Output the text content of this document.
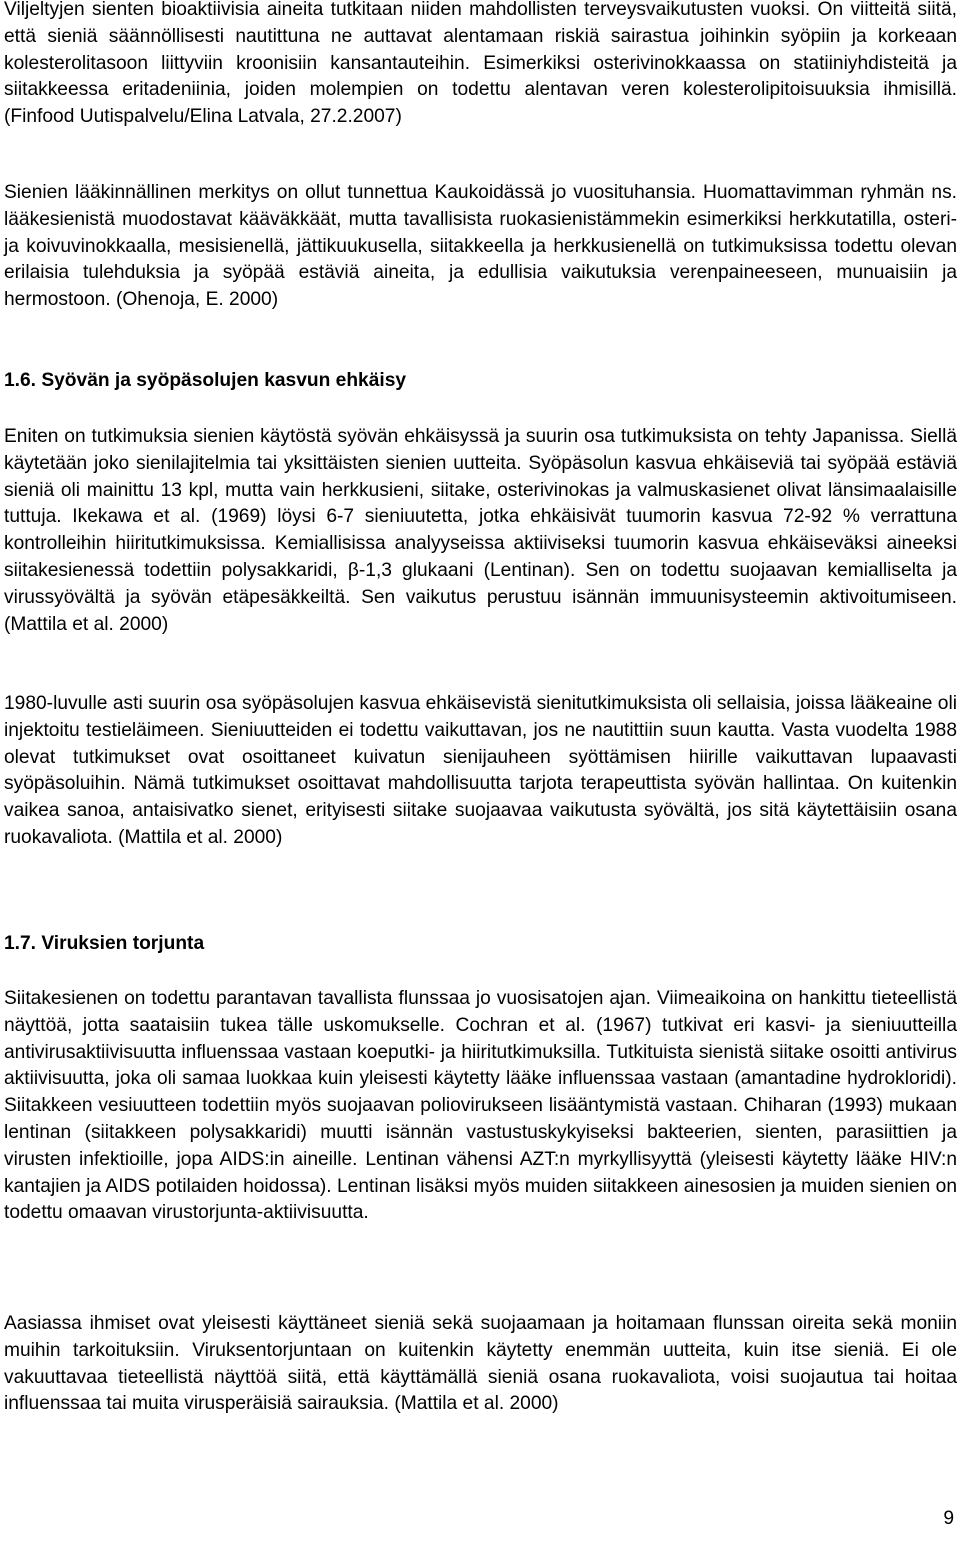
Viljeltyjen sienten bioaktiivisia aineita tutkitaan niiden mahdollisten terveysvaikutusten vuoksi. On viitteitä siitä, että sieniä säännöllisesti nautittuna ne auttavat alentamaan riskiä sairastua joihinkin syöpiin ja korkeaan kolesterolitasoon liittyviin kroonisiin kansantauteihin. Esimerkiksi osterivinokkaassa on statiiniyhdisteitä ja siitakkeessa eritadeniinia, joiden molempien on todettu alentavan veren kolesterolipitoisuuksia ihmisillä. (Finfood Uutispalvelu/Elina Latvala, 27.2.2007)

Sienien lääkinnällinen merkitys on ollut tunnettua Kaukoidässä jo vuosituhansia. Huomattavimman ryhmän ns. lääkesienistä muodostavat kääväkkäät, mutta tavallisista ruokasienistämmekin esimerkiksi herkkutatilla, osteri- ja koivuvinokkaalla, mesisienellä, jättikuukusella, siitakkeella ja herkkusienellä on tutkimuksissa todettu olevan erilaisia tulehduksia ja syöpää estäviä aineita, ja edullisia vaikutuksia verenpaineeseen, munuaisiin ja hermostoon. (Ohenoja, E. 2000)

1.6. Syövän ja syöpäsolujen kasvun ehkäisy

Eniten on tutkimuksia sienien käytöstä syövän ehkäisyssä ja suurin osa tutkimuksista on tehty Japanissa. Siellä käytetään joko sienilajitelmia tai yksittäisten sienien uutteita. Syöpäsolun kasvua ehkäiseviä tai syöpää estäviä sieniä oli mainittu 13 kpl, mutta vain herkkusieni, siitake, osterivinokas ja valmuskasienet olivat länsimaalaisille tuttuja. Ikekawa et al. (1969) löysi 6-7 sieniuutetta, jotka ehkäisivät tuumorin kasvua 72-92 % verrattuna kontrolleihin hiiritutkimuksissa. Kemiallisissa analyyseissa aktiiviseksi tuumorin kasvua ehkäiseväksi aineeksi siitakesienessä todettiin polysakkaridi, β-1,3 glukaani (Lentinan). Sen on todettu suojaavan kemialliselta ja virussyövältä ja syövän etäpesäkkeiltä. Sen vaikutus perustuu isännän immuunisysteemin aktivoitumiseen. (Mattila et al. 2000)

1980-luvulle asti suurin osa syöpäsolujen kasvua ehkäisevistä sienitutkimuksista oli sellaisia, joissa lääkeaine oli injektoitu testieläimeen. Sieniuutteiden ei todettu vaikuttavan, jos ne nautittiin suun kautta. Vasta vuodelta 1988 olevat tutkimukset ovat osoittaneet kuivatun sienijauheen syöttämisen hiirille vaikuttavan lupaavasti syöpäsoluihin. Nämä tutkimukset osoittavat mahdollisuutta tarjota terapeuttista syövän hallintaa. On kuitenkin vaikea sanoa, antaisivatko sienet, erityisesti siitake suojaavaa vaikutusta syövältä, jos sitä käytettäisiin osana ruokavaliota. (Mattila et al. 2000)

1.7. Viruksien torjunta

Siitakesienen on todettu parantavan tavallista flunssaa jo vuosisatojen ajan. Viimeaikoina on hankittu tieteellistä näyttöä, jotta saataisiin tukea tälle uskomukselle. Cochran et al. (1967) tutkivat eri kasvi- ja sieniuutteilla antivirusaktiivisuutta influenssaa vastaan koeputki- ja hiiritutkimuksilla. Tutkituista sienistä siitake osoitti antivirus aktiivisuutta, joka oli samaa luokkaa kuin yleisesti käytetty lääke influenssaa vastaan (amantadine hydrokloridi). Siitakkeen vesiuutteen todettiin myös suojaavan poliovirukseen lisääntymistä vastaan. Chiharan (1993) mukaan lentinan (siitakkeen polysakkaridi) muutti isännän vastustuskykyiseksi bakteerien, sienten, parasiittien ja virusten infektioille, jopa AIDS:in aineille. Lentinan vähensi AZT:n myrkyllisyyttä (yleisesti käytetty lääke HIV:n kantajien ja AIDS potilaiden hoidossa). Lentinan lisäksi myös muiden siitakkeen ainesosien ja muiden sienien on todettu omaavan virustorjunta-aktiivisuutta.

Aasiassa ihmiset ovat yleisesti käyttäneet sieniä sekä suojaamaan ja hoitamaan flunssan oireita sekä moniin muihin tarkoituksiin. Viruksentorjuntaan on kuitenkin käytetty enemmän uutteita, kuin itse sieniä. Ei ole vakuuttavaa tieteellistä näyttöä siitä, että käyttämällä sieniä osana ruokavaliota, voisi suojautua tai hoitaa influenssaa tai muita virusperäisiä sairauksia. (Mattila et al. 2000)

9
